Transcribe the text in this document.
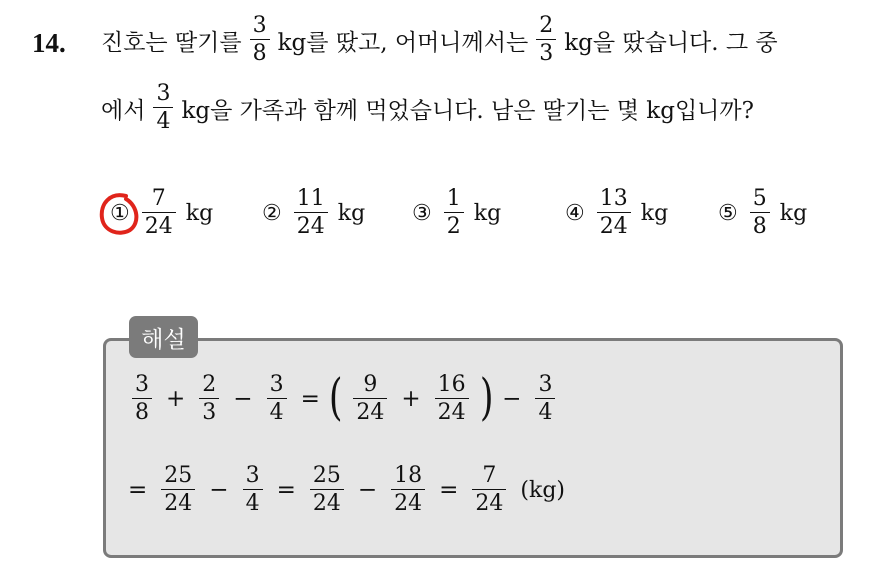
14. 진호는 딸기를 $\frac{3}{8}$ kg를 땄고, 어머니께서는 $\frac{2}{3}$ kg을 땄습니다. 그 중
에서 $\frac{3}{4}$ kg을 가족과 함께 먹었습니다. 남은 딸기는 몇 kg입니까?
① $\frac{7}{24}$ kg ② $\frac{11}{24}$ kg ③ $\frac{1}{2}$ kg	④ $\frac{13}{24}$ kg ⑤ $\frac{5}{8}$ kg
해설
$\frac{3}{8} + \frac{2}{3} - \frac{3}{4}$ = ( $\frac{9}{24} + \frac{16}{24}$ ) − $\frac{3}{4}$
= $\frac{25}{24} - \frac{3}{4} = \frac{25}{24} - \frac{18}{24} = \frac{7}{24} (kg)$
